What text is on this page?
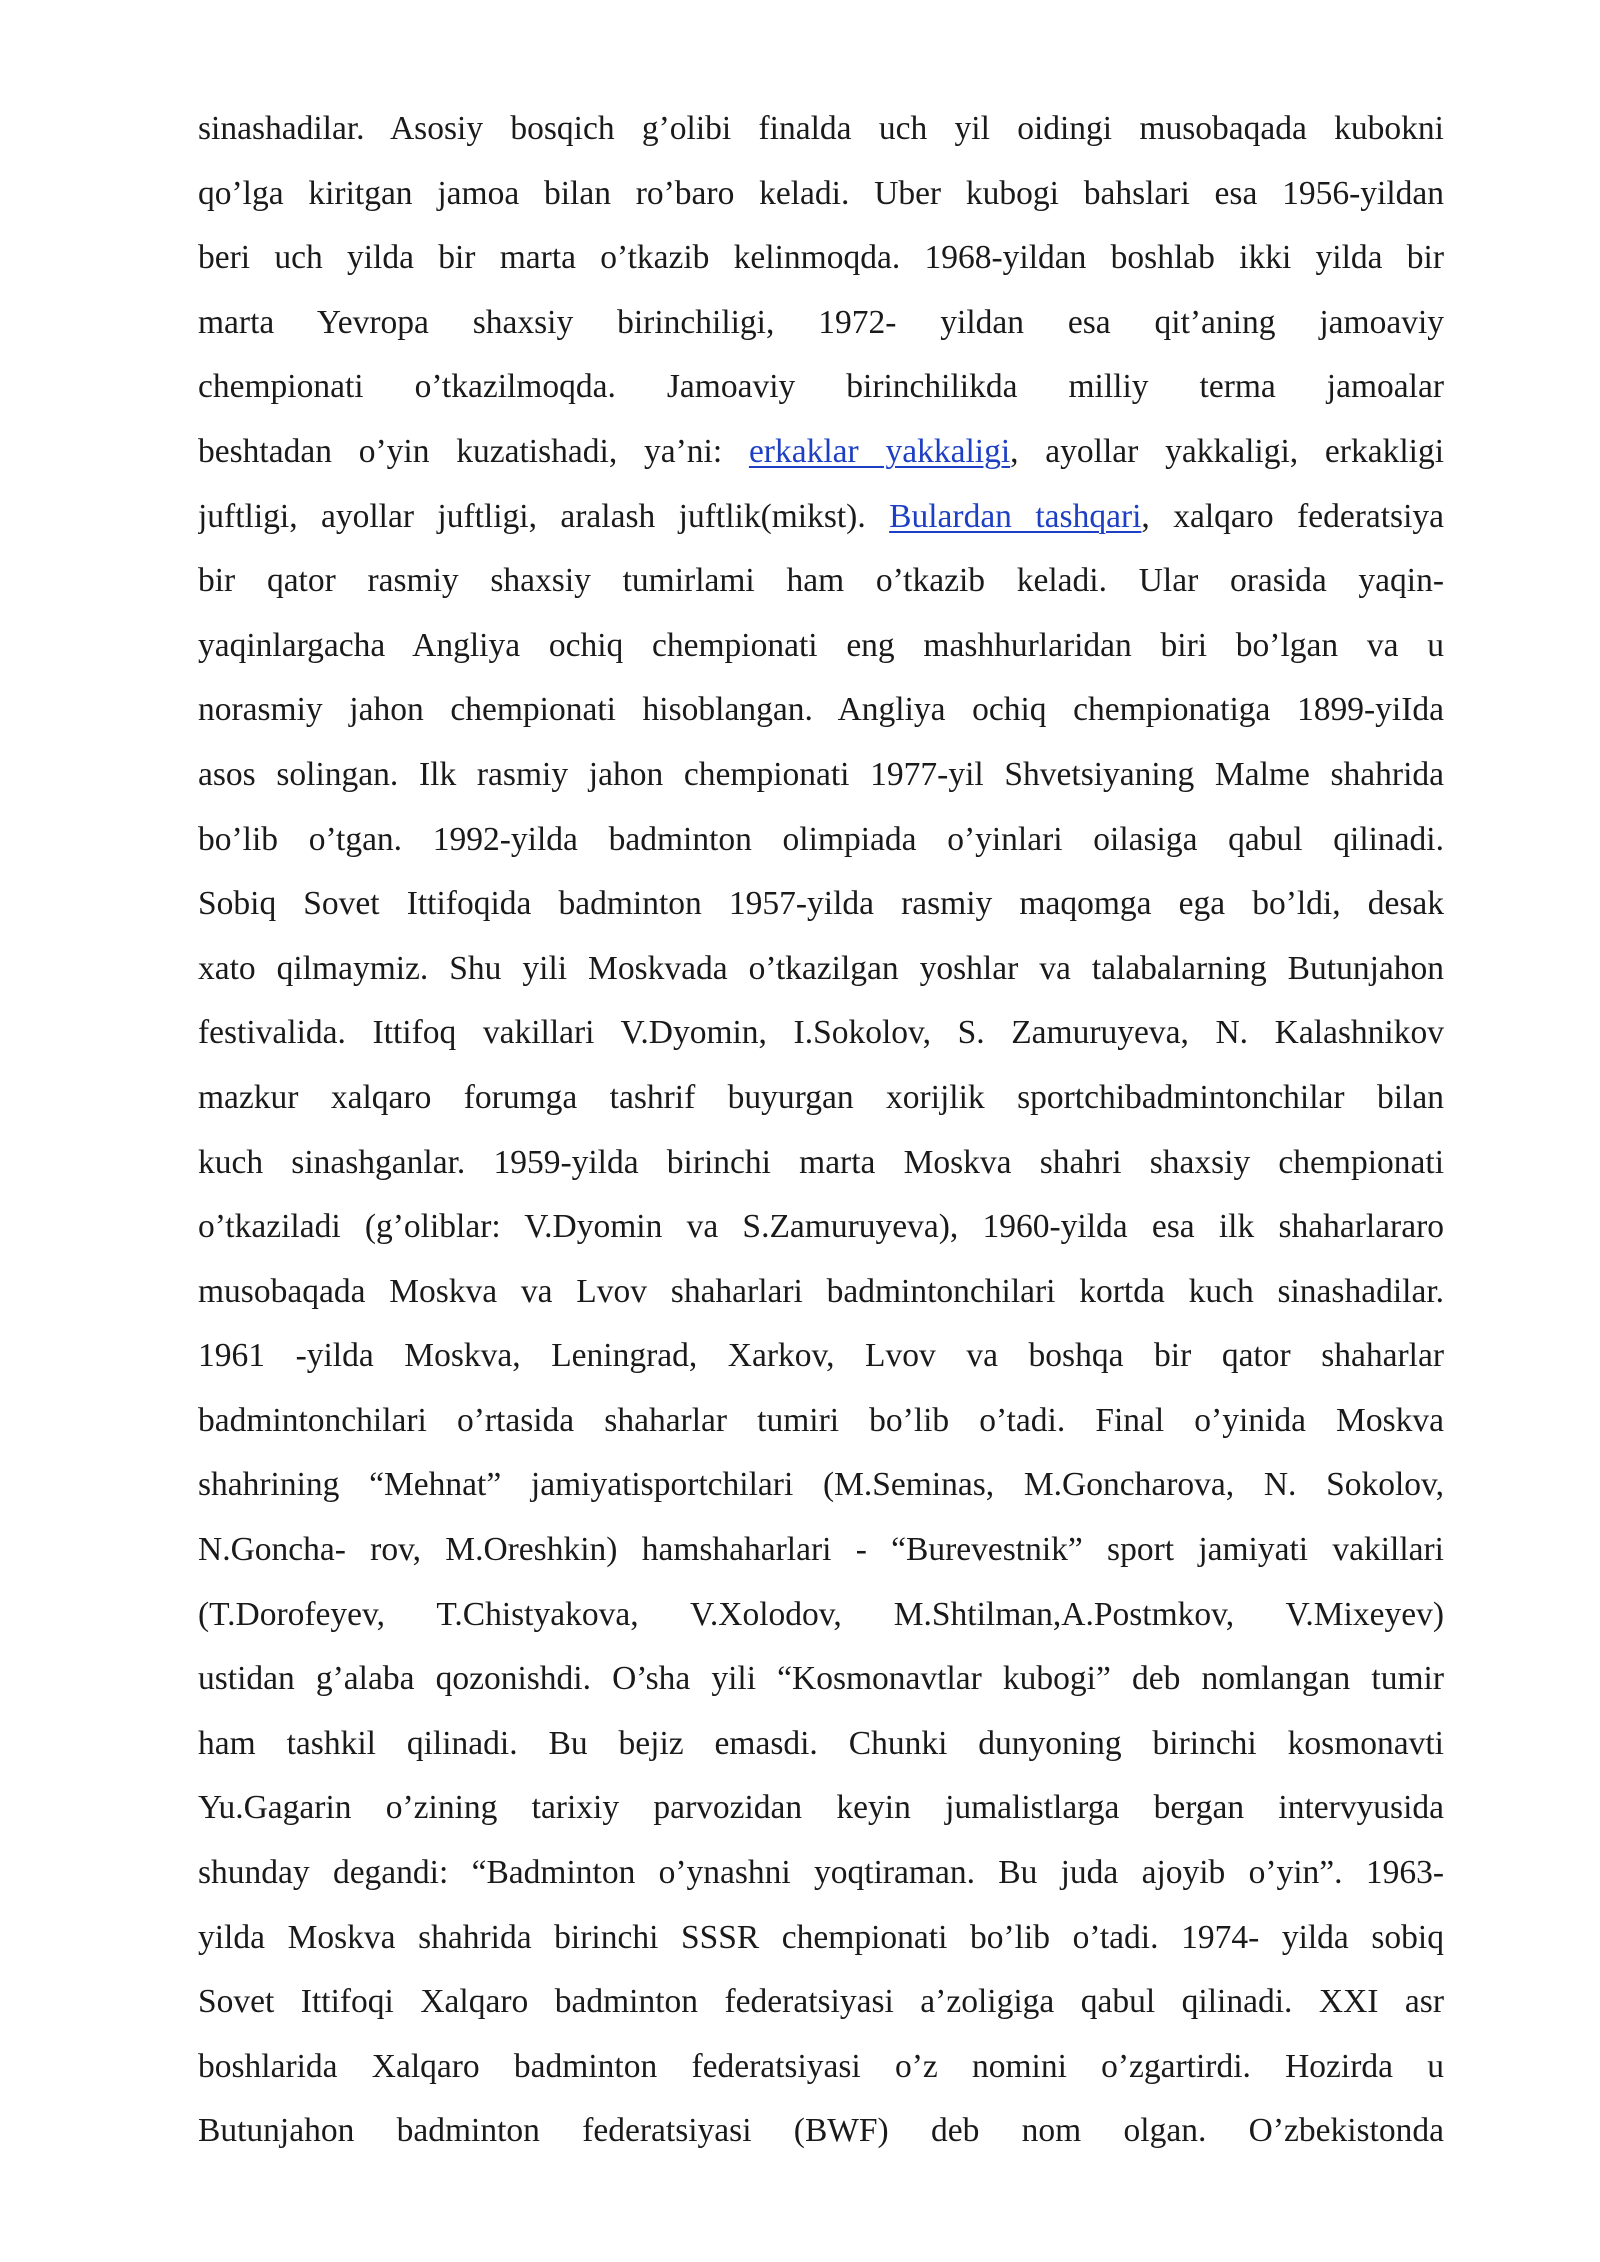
sinashadilar. Asosiy bosqich g’olibi finalda uch yil oidingi musobaqada kubokni
qo’lga kiritgan jamoa bilan ro’baro keladi. Uber kubogi bahslari esa 1956-yildan
beri uch yilda bir marta o’tkazib kelinmoqda. 1968-yildan boshlab ikki yilda bir
marta Yevropa shaxsiy birinchiligi, 1972- yildan esa qit’aning jamoaviy
chempionati o’tkazilmoqda. Jamoaviy birinchilikda milliy terma jamoalar
beshtadan o’yin kuzatishadi, ya’ni: erkaklar yakkaligi, ayollar yakkaligi, erkakligi
juftligi, ayollar juftligi, aralash juftlik(mikst). Bulardan tashqari, xalqaro federatsiya
bir qator rasmiy shaxsiy tumirlami ham o’tkazib keladi. Ular orasida yaqin-
yaqinlargacha Angliya ochiq chempionati eng mashhurlaridan biri bo’lgan va u
norasmiy jahon chempionati hisoblangan. Angliya ochiq chempionatiga 1899-yiIda
asos solingan. Ilk rasmiy jahon chempionati 1977-yil Shvetsiyaning Malme shahrida
bo’lib o’tgan. 1992-yilda badminton olimpiada o’yinlari oilasiga qabul qilinadi.
Sobiq Sovet Ittifoqida badminton 1957-yilda rasmiy maqomga ega bo’ldi, desak
xato qilmaymiz. Shu yili Moskvada o’tkazilgan yoshlar va talabalarning Butunjahon
festivalida. Ittifoq vakillari V.Dyomin, I.Sokolov, S. Zamuruyeva, N. Kalashnikov
mazkur xalqaro forumga tashrif buyurgan xorijlik sportchibadmintonchilar bilan
kuch sinashganlar. 1959-yilda birinchi marta Moskva shahri shaxsiy chempionati
o’tkaziladi (g’oliblar: V.Dyomin va S.Zamuruyeva), 1960-yilda esa ilk shaharlararo
musobaqada Moskva va Lvov shaharlari badmintonchilari kortda kuch sinashadilar.
1961 -yilda Moskva, Leningrad, Xarkov, Lvov va boshqa bir qator shaharlar
badmintonchilari o’rtasida shaharlar tumiri bo’lib o’tadi. Final o’yinida Moskva
shahrining “Mehnat” jamiyatisportchilari (M.Seminas, M.Goncharova, N. Sokolov,
N.Goncha- rov, M.Oreshkin) hamshaharlari - “Burevestnik” sport jamiyati vakillari
(T.Dorofeyev, T.Chistyakova, V.Xolodov, M.Shtilman,A.Postmkov, V.Mixeyev)
ustidan g’alaba qozonishdi. O’sha yili “Kosmonavtlar kubogi” deb nomlangan tumir
ham tashkil qilinadi. Bu bejiz emasdi. Chunki dunyoning birinchi kosmonavti
Yu.Gagarin o’zining tarixiy parvozidan keyin jumalistlarga bergan intervyusida
shunday degandi: “Badminton o’ynashni yoqtiraman. Bu juda ajoyib o’yin”. 1963-
yilda Moskva shahrida birinchi SSSR chempionati bo’lib o’tadi. 1974- yilda sobiq
Sovet Ittifoqi Xalqaro badminton federatsiyasi a’zoligiga qabul qilinadi. XXI asr
boshlarida Xalqaro badminton federatsiyasi o’z nomini o’zgartirdi. Hozirda u
Butunjahon badminton federatsiyasi (BWF) deb nom olgan. O’zbekistonda
